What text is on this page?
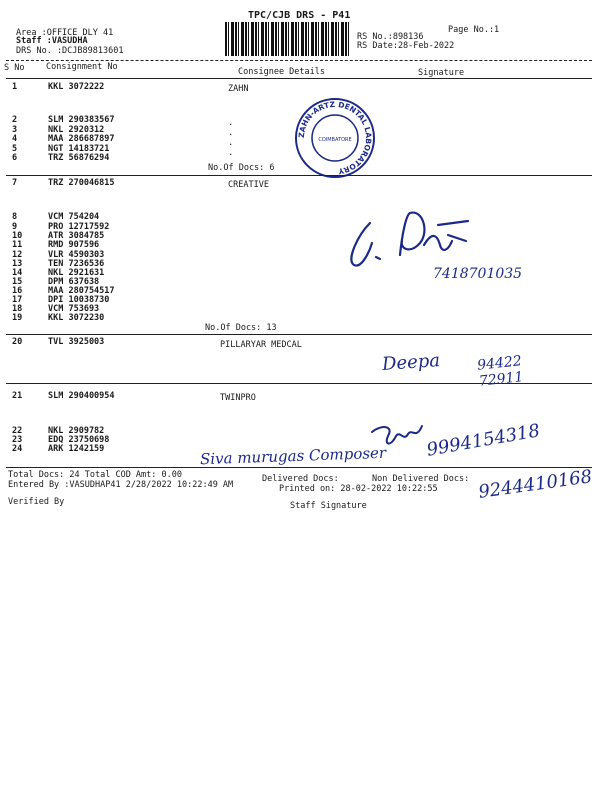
TPC/CJB DRS - P41
Page No.:1
Area :OFFICE DLY 41
Staff :VASUDHA
DRS No. :DCJB89813601
RS No.:898136
RS Date:28-Feb-2022
S No	Consignment No	Consignee Details	Signature
1	KKL 3072222	ZAHN
2	SLM 290383567
3	NKL 2920312
4	MAA 286687897
5	NGT 14183721
6	TRZ 56876294
.
.
.
.
No.Of Docs: 6
ZAHN-ARTZ DENTAL LABORATORY
COIMBATORE
7	TRZ 270046815	CREATIVE
8	VCM 754204
9	PRO 12717592
10	ATR 3084785
11	RMD 907596
12	VLR 4590303
13	TEN 7236536
14	NKL 2921631
15	DPM 637638
16	MAA 280754517
17	DPI 10038730
18	VCM 753693
19	KKL 3072230
No.Of Docs: 13
20	TVL 3925003	PILLARYAR MEDCAL
21	SLM 290400954	TWINPRO
22	NKL 2909782
23	EDQ 23750698
24	ARK 1242159
Total Docs: 24 Total COD Amt: 0.00	Delivered Docs:	Non Delivered Docs:
Entered By :VASUDHAP41 2/28/2022 10:22:49 AM	Printed on: 28-02-2022 10:22:55
Verified By	Staff Signature
7418701035
Deepa	94422 72911
9994154318
Siva murugas Composer
9244410168
